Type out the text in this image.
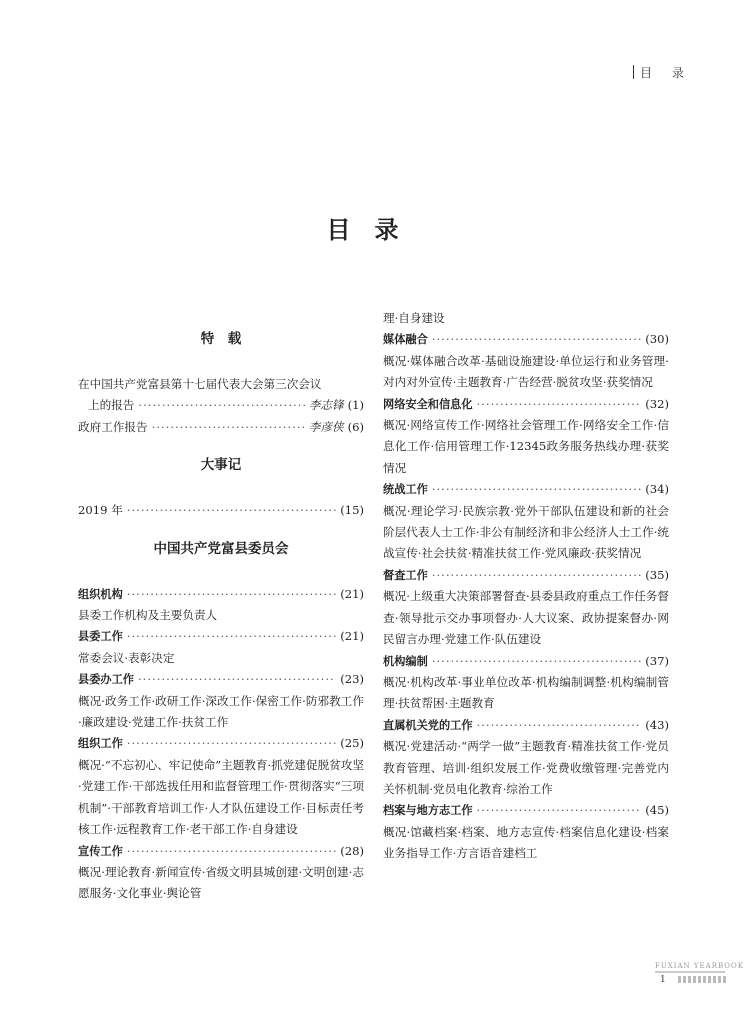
目 录
目录
特　载
在中国共产党富县第十七届代表大会第三次会议
上的报告 ·····	李志锋 (1)
政府工作报告 ·····	李彦侠 (6)
大事记
2019 年 ·····	(15)
中国共产党富县委员会
组织机构 ·····	(21)
县委工作机构及主要负责人
县委工作 ·····	(21)
常委会议·表彰决定
县委办工作 ·····	(23)
概况·政务工作·政研工作·深改工作·保密工作·防邪教工作·廉政建设·党建工作·扶贫工作
组织工作 ·····	(25)
概况·“不忘初心、牢记使命”主题教育·抓党建促脱贫攻坚·党建工作·干部选拔任用和监督管理工作·贯彻落实“三项机制”·干部教育培训工作·人才队伍建设工作·目标责任考核工作·远程教育工作·老干部工作·自身建设
宣传工作 ·····	(28)
概况·理论教育·新闻宣传·省级文明县城创建·文明创建·志愿服务·文化事业·舆论管
理·自身建设
媒体融合 ·····	(30)
概况·媒体融合改革·基础设施建设·单位运行和业务管理·对内对外宣传·主题教育·广告经营·脱贫攻坚·获奖情况
网络安全和信息化 ·····	(32)
概况·网络宣传工作·网络社会管理工作·网络安全工作·信息化工作·信用管理工作·12345政务服务热线办理·获奖情况
统战工作 ·····	(34)
概况·理论学习·民族宗教·党外干部队伍建设和新的社会阶层代表人士工作·非公有制经济和非公经济人士工作·统战宣传·社会扶贫·精准扶贫工作·党风廉政·获奖情况
督查工作 ·····	(35)
概况·上级重大决策部署督查·县委县政府重点工作任务督查·领导批示交办事项督办·人大议案、政协提案督办·网民留言办理·党建工作·队伍建设
机构编制 ·····	(37)
概况·机构改革·事业单位改革·机构编制调整·机构编制管理·扶贫帮困·主题教育
直属机关党的工作 ·····	(43)
概况·党建活动·“两学一做”主题教育·精准扶贫工作·党员教育管理、培训·组织发展工作·党费收缴管理·完善党内关怀机制·党员电化教育·综治工作
档案与地方志工作 ·····	(45)
概况·馆藏档案·档案、地方志宣传·档案信息化建设·档案业务指导工作·方言语音建档工
FUXIAN YEARBOOK
1
